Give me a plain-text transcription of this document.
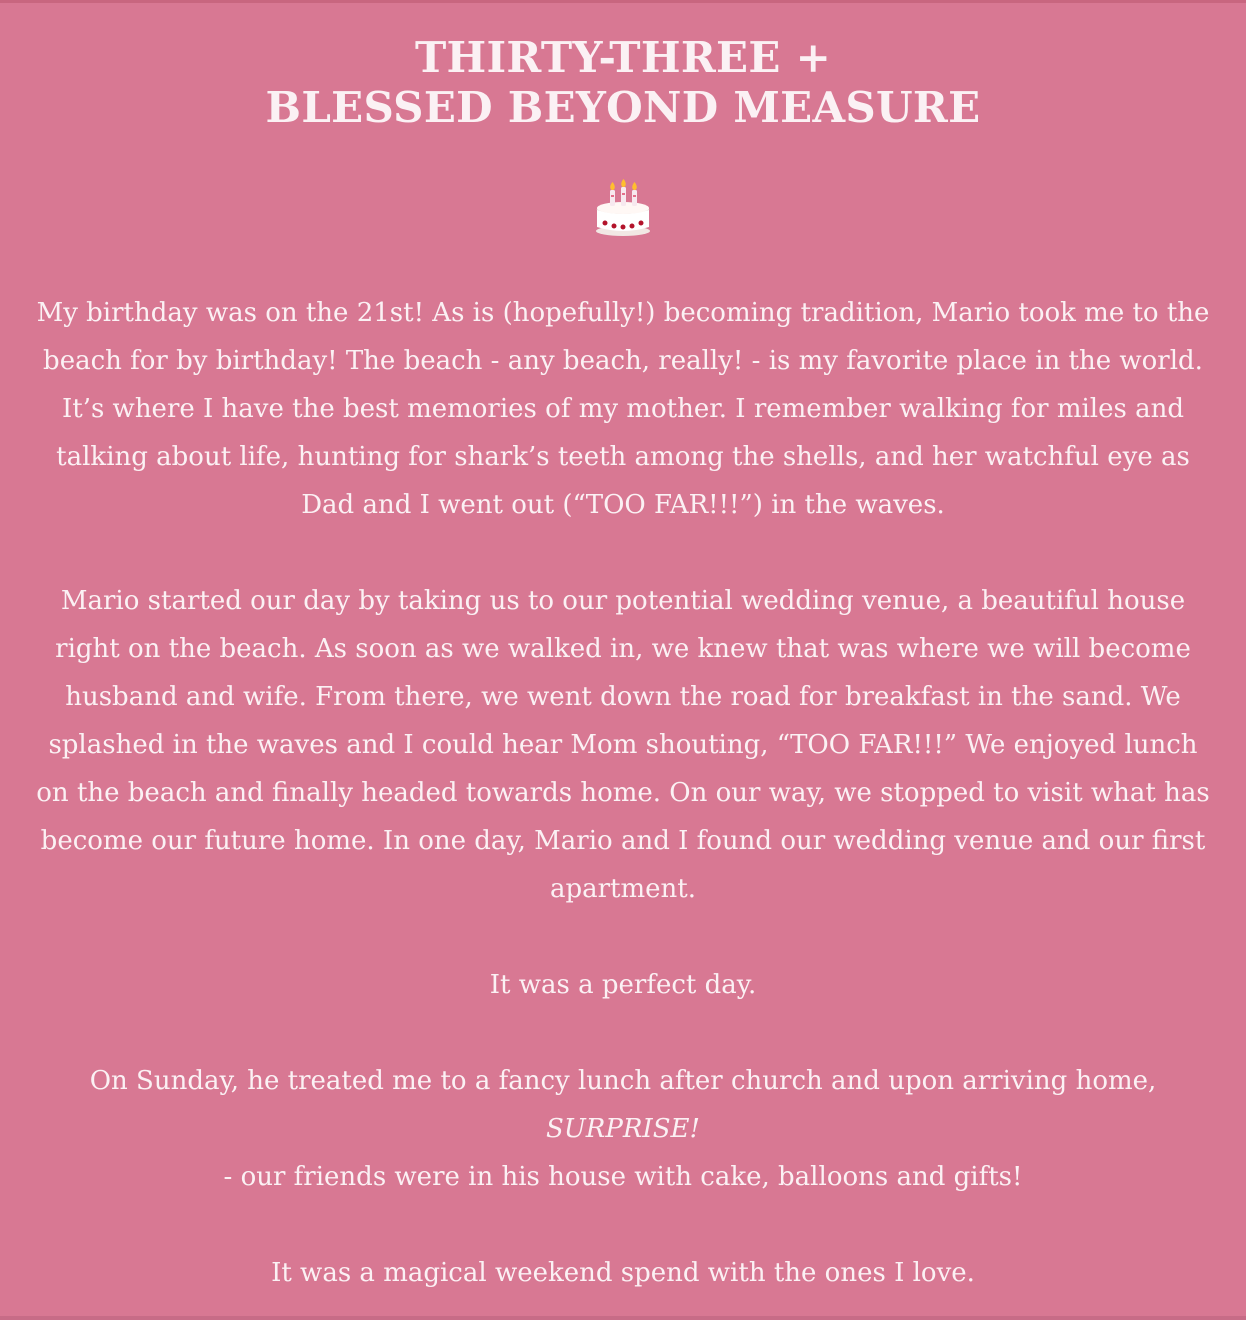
THIRTY-THREE +
BLESSED BEYOND MEASURE

My birthday was on the 21st! As is (hopefully!) becoming tradition, Mario took me to the beach for by birthday! The beach - any beach, really! - is my favorite place in the world. It’s where I have the best memories of my mother. I remember walking for miles and talking about life, hunting for shark’s teeth among the shells, and her watchful eye as Dad and I went out (“TOO FAR!!!”) in the waves.

Mario started our day by taking us to our potential wedding venue, a beautiful house right on the beach. As soon as we walked in, we knew that was where we will become husband and wife. From there, we went down the road for breakfast in the sand. We splashed in the waves and I could hear Mom shouting, “TOO FAR!!!” We enjoyed lunch on the beach and finally headed towards home. On our way, we stopped to visit what has become our future home. In one day, Mario and I found our wedding venue and our first apartment.

It was a perfect day.

On Sunday, he treated me to a fancy lunch after church and upon arriving home,
SURPRISE!
- our friends were in his house with cake, balloons and gifts!

It was a magical weekend spend with the ones I love.
